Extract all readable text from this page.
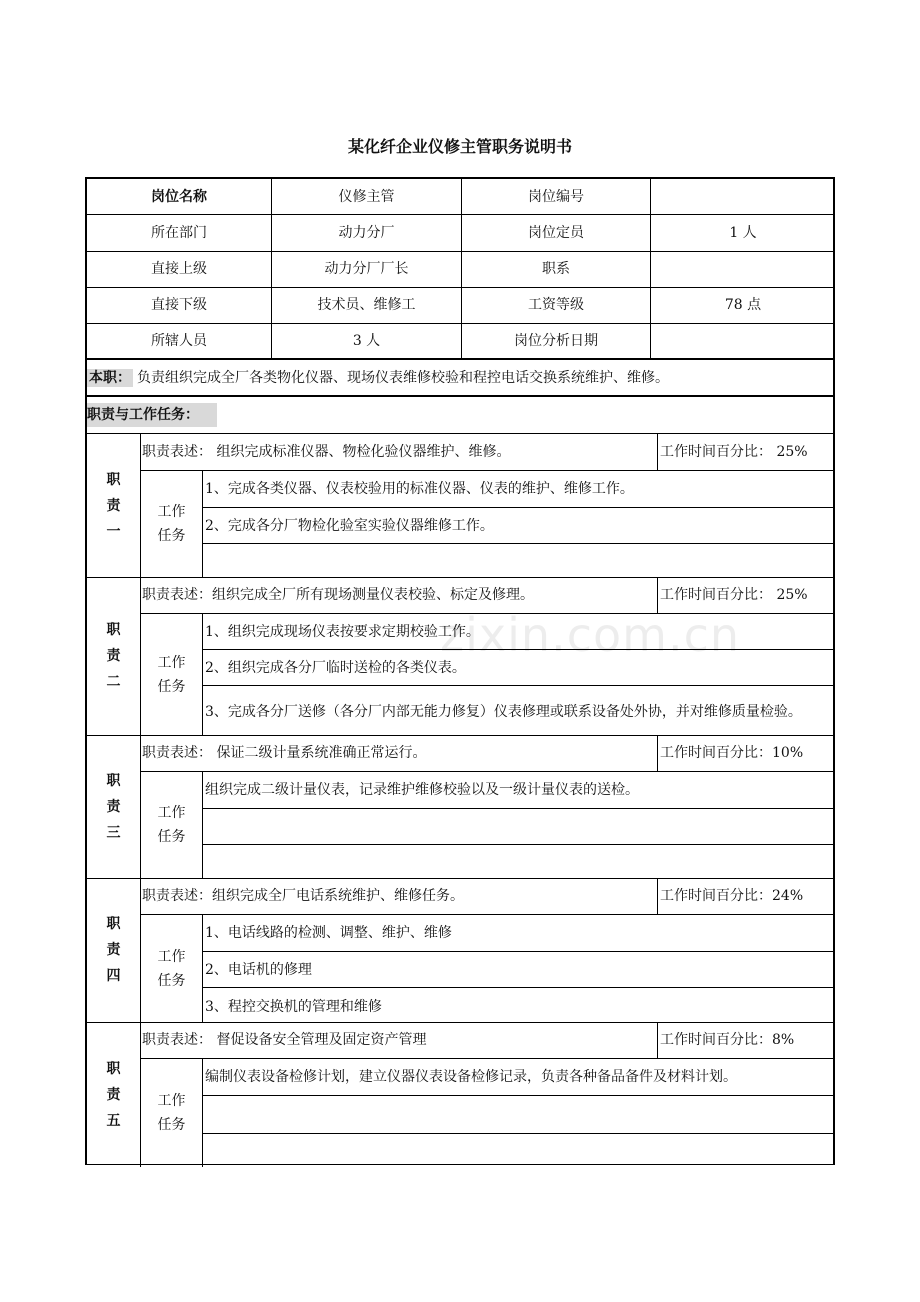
某化纤企业仪修主管职务说明书
zixin.com.cn
岗位名称	仪修主管	岗位编号
所在部门	动力分厂	岗位定员	1 人
直接上级	动力分厂厂长	职系
直接下级	技术员、维修工	工资等级	78 点
所辖人员	3 人	岗位分析日期
本职： 负责组织完成全厂各类物化仪器、现场仪表维修校验和程控电话交换系统维护、维修。
职责与工作任务：
职
责
一
职责表述： 组织完成标准仪器、物检化验仪器维护、维修。	工作时间百分比： 25%
工作
任务
1、完成各类仪器、仪表校验用的标准仪器、仪表的维护、维修工作。
2、完成各分厂物检化验室实验仪器维修工作。
职
责
二
职责表述：组织完成全厂所有现场测量仪表校验、标定及修理。	工作时间百分比： 25%
工作
任务
1、组织完成现场仪表按要求定期校验工作。
2、组织完成各分厂临时送检的各类仪表。
3、完成各分厂送修（各分厂内部无能力修复）仪表修理或联系设备处外协，并对维修质量检验。
职
责
三
职责表述： 保证二级计量系统准确正常运行。	工作时间百分比：10%
工作
任务
组织完成二级计量仪表，记录维护维修校验以及一级计量仪表的送检。
职
责
四
职责表述：组织完成全厂电话系统维护、维修任务。	工作时间百分比：24%
工作
任务
1、电话线路的检测、调整、维护、维修
2、电话机的修理
3、程控交换机的管理和维修
职
责
五
职责表述： 督促设备安全管理及固定资产管理	工作时间百分比：8%
工作
任务
编制仪表设备检修计划，建立仪器仪表设备检修记录，负责各种备品备件及材料计划。
